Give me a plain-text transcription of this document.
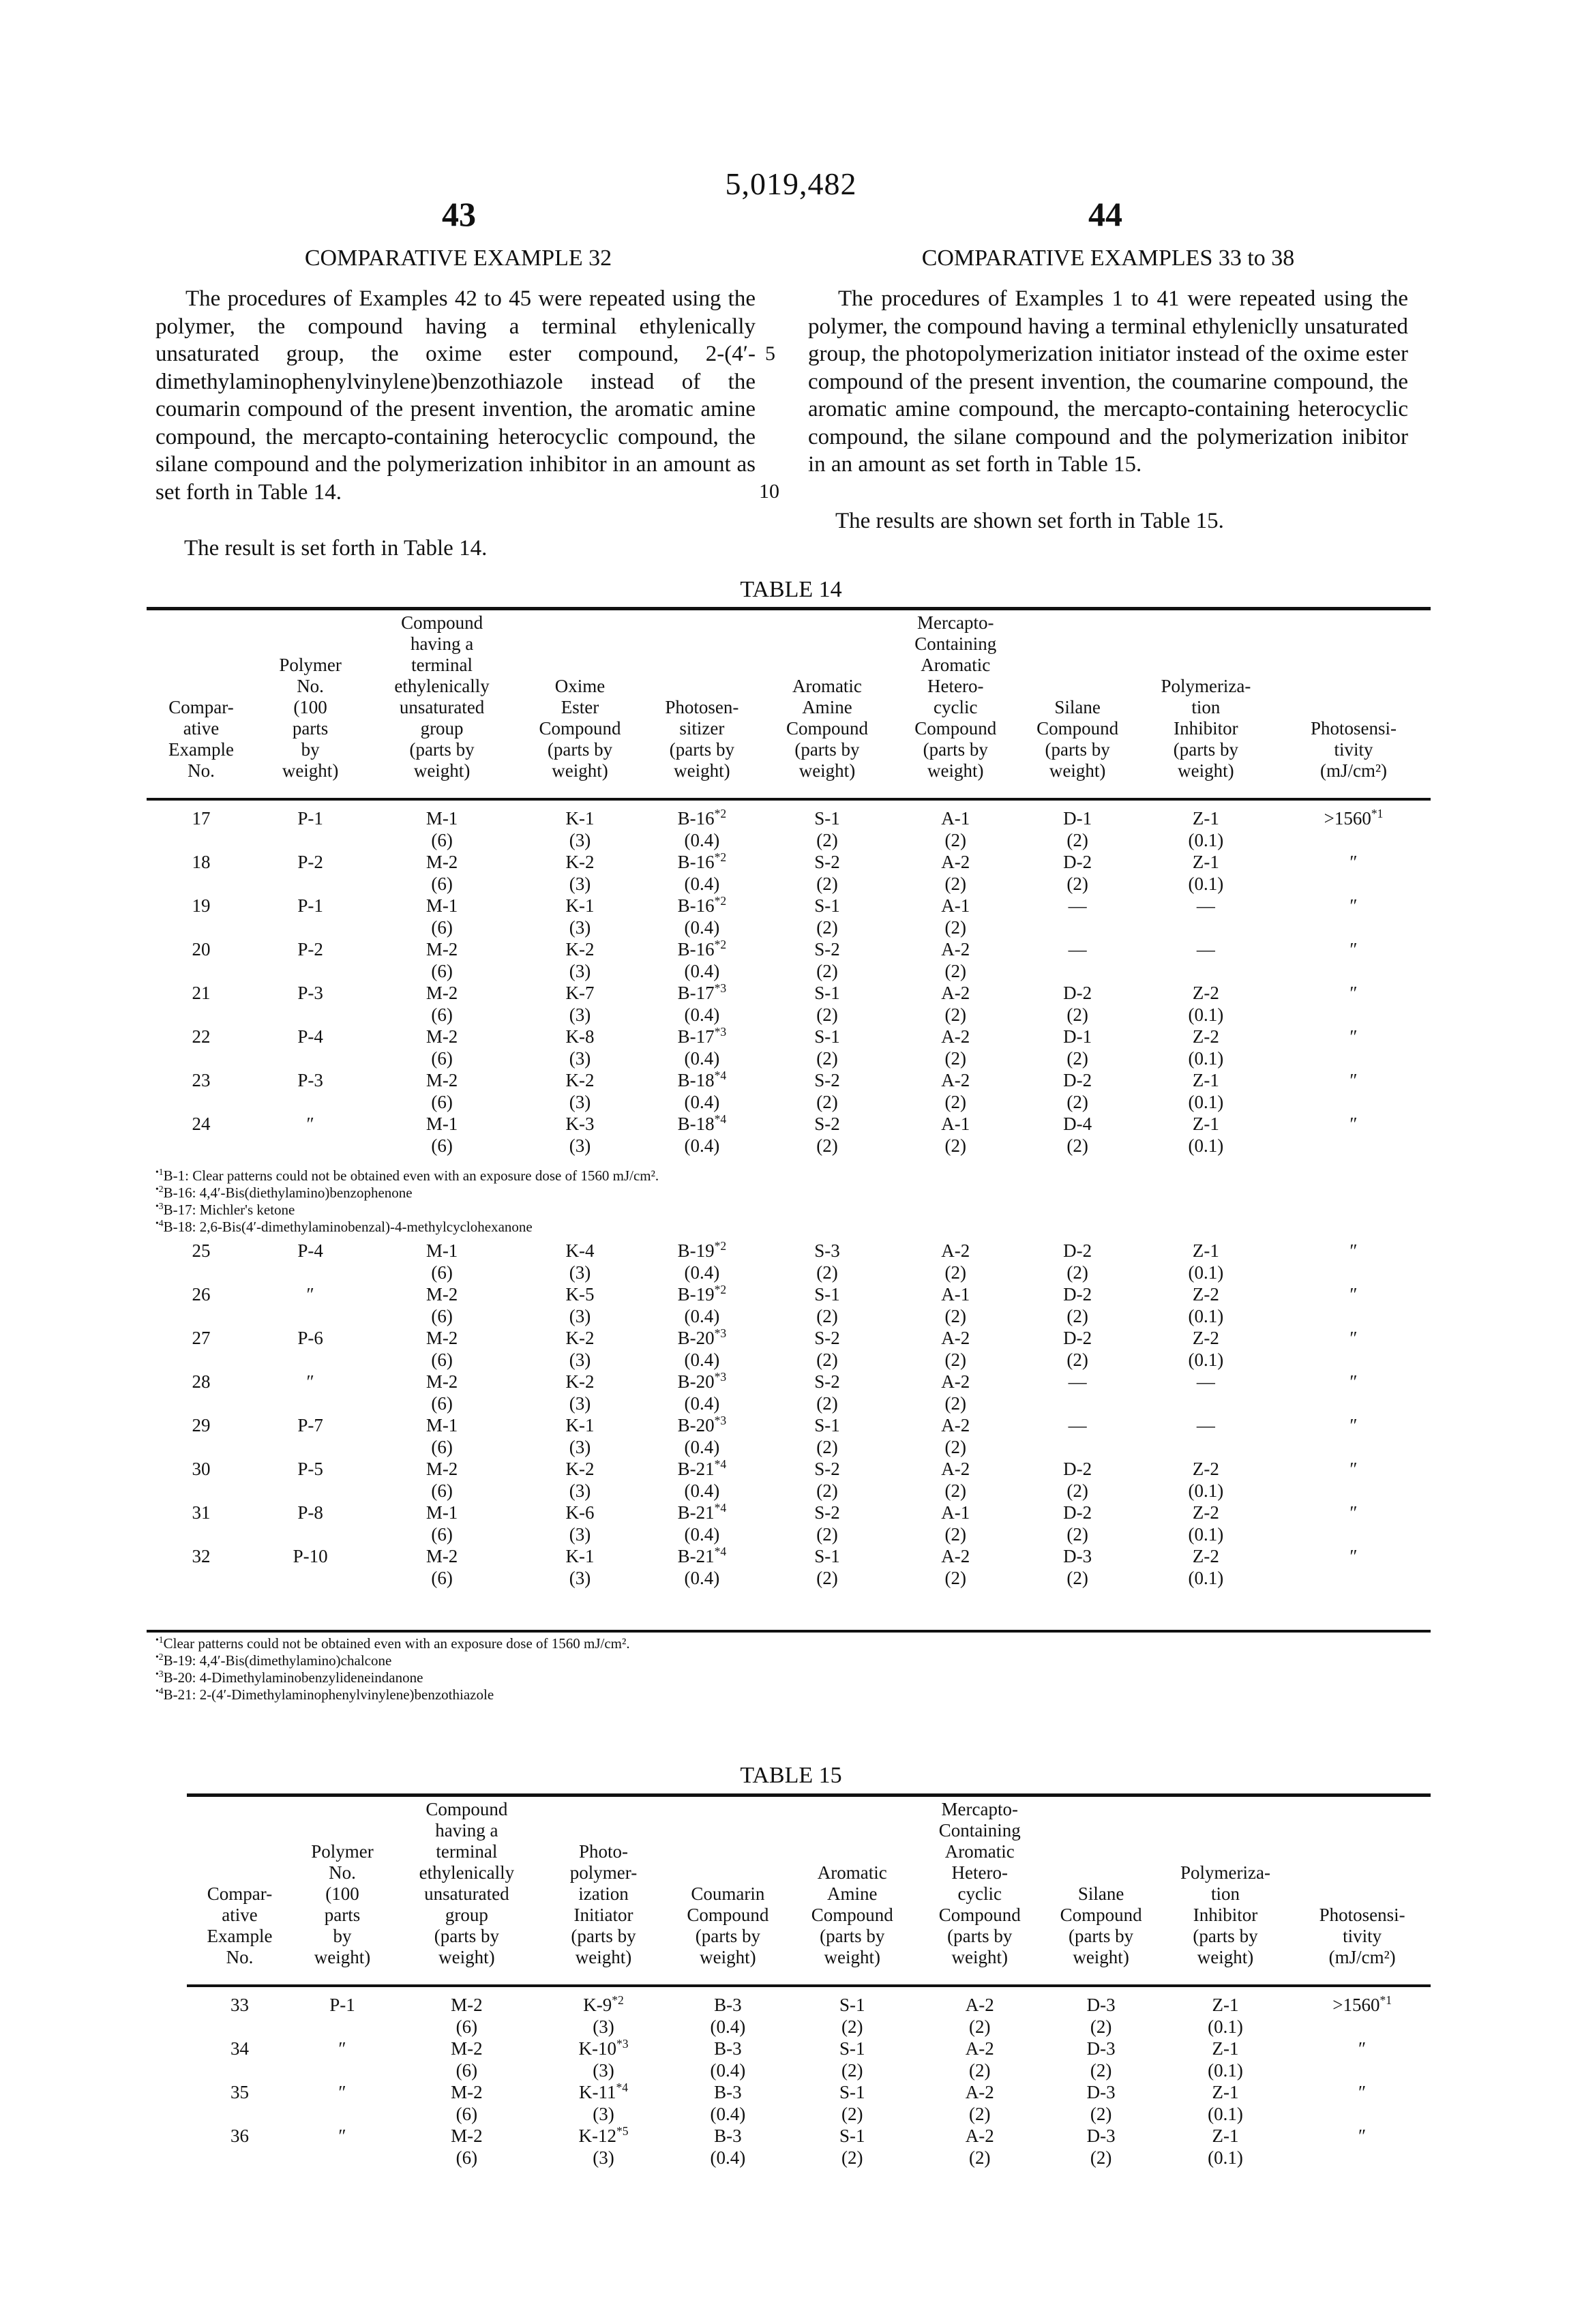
5,019,482
43	44
COMPARATIVE EXAMPLE 32
The procedures of Examples 42 to 45 were repeated using the polymer, the compound having a terminal ethylenically unsaturated group, the oxime ester compound, 2-(4′-dimethylaminophenylvinylene)benzothiazole instead of the coumarin compound of the present invention, the aromatic amine compound, the mercapto-containing heterocyclic compound, the silane compound and the polymerization inhibitor in an amount as set forth in Table 14.
The result is set forth in Table 14.
5
10
COMPARATIVE EXAMPLES 33 to 38
The procedures of Examples 1 to 41 were repeated using the polymer, the compound having a terminal ethyleniclly unsaturated group, the photopolymerization initiator instead of the oxime ester compound of the present invention, the coumarine compound, the aromatic amine compound, the mercapto-containing heterocyclic compound, the silane compound and the polymerization inibitor in an amount as set forth in Table 15.
The results are shown set forth in Table 15.
TABLE 14
Compar-
ative
Example
No.

Polymer
No.
(100
parts
by
weight)

Compound
having a
terminal
ethylenically
unsaturated
group
(parts by
weight)

Oxime
Ester
Compound
(parts by
weight)

Photosen-
sitizer
(parts by
weight)

Aromatic
Amine
Compound
(parts by
weight)

Mercapto-
Containing
Aromatic
Hetero-
cyclic
Compound
(parts by
weight)

Silane
Compound
(parts by
weight)

Polymeriza-
tion
Inhibitor
(parts by
weight)

Photosensi-
tivity
(mJ/cm²)
17	P-1	M-1	K-1	B-16$^{*2}$	S-1	A-1	D-1	Z-1	$>1560^{*1}$
		(6)	(3)	(0.4)	(2)	(2)	(2)	(0.1)	
18	P-2	M-2	K-2	B-16$^{*2}$	S-2	A-2	D-2	Z-1	″
		(6)	(3)	(0.4)	(2)	(2)	(2)	(0.1)	
19	P-1	M-1	K-1	B-16$^{*2}$	S-1	A-1	—	—	″
		(6)	(3)	(0.4)	(2)	(2)			
20	P-2	M-2	K-2	B-16$^{*2}$	S-2	A-2	—	—	″
		(6)	(3)	(0.4)	(2)	(2)			
21	P-3	M-2	K-7	B-17$^{*3}$	S-1	A-2	D-2	Z-2	″
		(6)	(3)	(0.4)	(2)	(2)	(2)	(0.1)	
22	P-4	M-2	K-8	B-17$^{*3}$	S-1	A-2	D-1	Z-2	″
		(6)	(3)	(0.4)	(2)	(2)	(2)	(0.1)	
23	P-3	M-2	K-2	B-18$^{*4}$	S-2	A-2	D-2	Z-1	″
		(6)	(3)	(0.4)	(2)	(2)	(2)	(0.1)	
24	″	M-1	K-3	B-18$^{*4}$	S-2	A-1	D-4	Z-1	″
		(6)	(3)	(0.4)	(2)	(2)	(2)	(0.1)	
$^{•1}$B-1: Clear patterns could not be obtained even with an exposure dose of 1560 mJ/cm².
$^{•2}$B-16: 4,4′-Bis(diethylamino)benzophenone
$^{•3}$B-17: Michler's ketone
$^{•4}$B-18: 2,6-Bis(4′-dimethylaminobenzal)-4-methylcyclohexanone
25	P-4	M-1	K-4	B-19$^{*2}$	S-3	A-2	D-2	Z-1	″
		(6)	(3)	(0.4)	(2)	(2)	(2)	(0.1)	
26	″	M-2	K-5	B-19$^{*2}$	S-1	A-1	D-2	Z-2	″
		(6)	(3)	(0.4)	(2)	(2)	(2)	(0.1)	
27	P-6	M-2	K-2	B-20$^{*3}$	S-2	A-2	D-2	Z-2	″
		(6)	(3)	(0.4)	(2)	(2)	(2)	(0.1)	
28	″	M-2	K-2	B-20$^{*3}$	S-2	A-2	—	—	″
		(6)	(3)	(0.4)	(2)	(2)			
29	P-7	M-1	K-1	B-20$^{*3}$	S-1	A-2	—	—	″
		(6)	(3)	(0.4)	(2)	(2)			
30	P-5	M-2	K-2	B-21$^{*4}$	S-2	A-2	D-2	Z-2	″
		(6)	(3)	(0.4)	(2)	(2)	(2)	(0.1)	
31	P-8	M-1	K-6	B-21$^{*4}$	S-2	A-1	D-2	Z-2	″
		(6)	(3)	(0.4)	(2)	(2)	(2)	(0.1)	
32	P-10	M-2	K-1	B-21$^{*4}$	S-1	A-2	D-3	Z-2	″
		(6)	(3)	(0.4)	(2)	(2)	(2)	(0.1)	
$^{•1}$Clear patterns could not be obtained even with an exposure dose of 1560 mJ/cm².
$^{•2}$B-19: 4,4′-Bis(dimethylamino)chalcone
$^{•3}$B-20: 4-Dimethylaminobenzylideneindanone
$^{•4}$B-21: 2-(4′-Dimethylaminophenylvinylene)benzothiazole
TABLE 15
Compar-
ative
Example
No.

Polymer
No.
(100
parts
by
weight)

Compound
having a
terminal
ethylenically
unsaturated
group
(parts by
weight)

Photo-
polymer-
ization
Initiator
(parts by
weight)

Coumarin
Compound
(parts by
weight)

Aromatic
Amine
Compound
(parts by
weight)

Mercapto-
Containing
Aromatic
Hetero-
cyclic
Compound
(parts by
weight)

Silane
Compound
(parts by
weight)

Polymeriza-
tion
Inhibitor
(parts by
weight)

Photosensi-
tivity
(mJ/cm²)
33	P-1	M-2	K-9$^{*2}$	B-3	S-1	A-2	D-3	Z-1	$>1560^{*1}$
		(6)	(3)	(0.4)	(2)	(2)	(2)	(0.1)	
34	″	M-2	K-10$^{*3}$	B-3	S-1	A-2	D-3	Z-1	″
		(6)	(3)	(0.4)	(2)	(2)	(2)	(0.1)	
35	″	M-2	K-11$^{*4}$	B-3	S-1	A-2	D-3	Z-1	″
		(6)	(3)	(0.4)	(2)	(2)	(2)	(0.1)	
36	″	M-2	K-12$^{*5}$	B-3	S-1	A-2	D-3	Z-1	″
		(6)	(3)	(0.4)	(2)	(2)	(2)	(0.1)	
